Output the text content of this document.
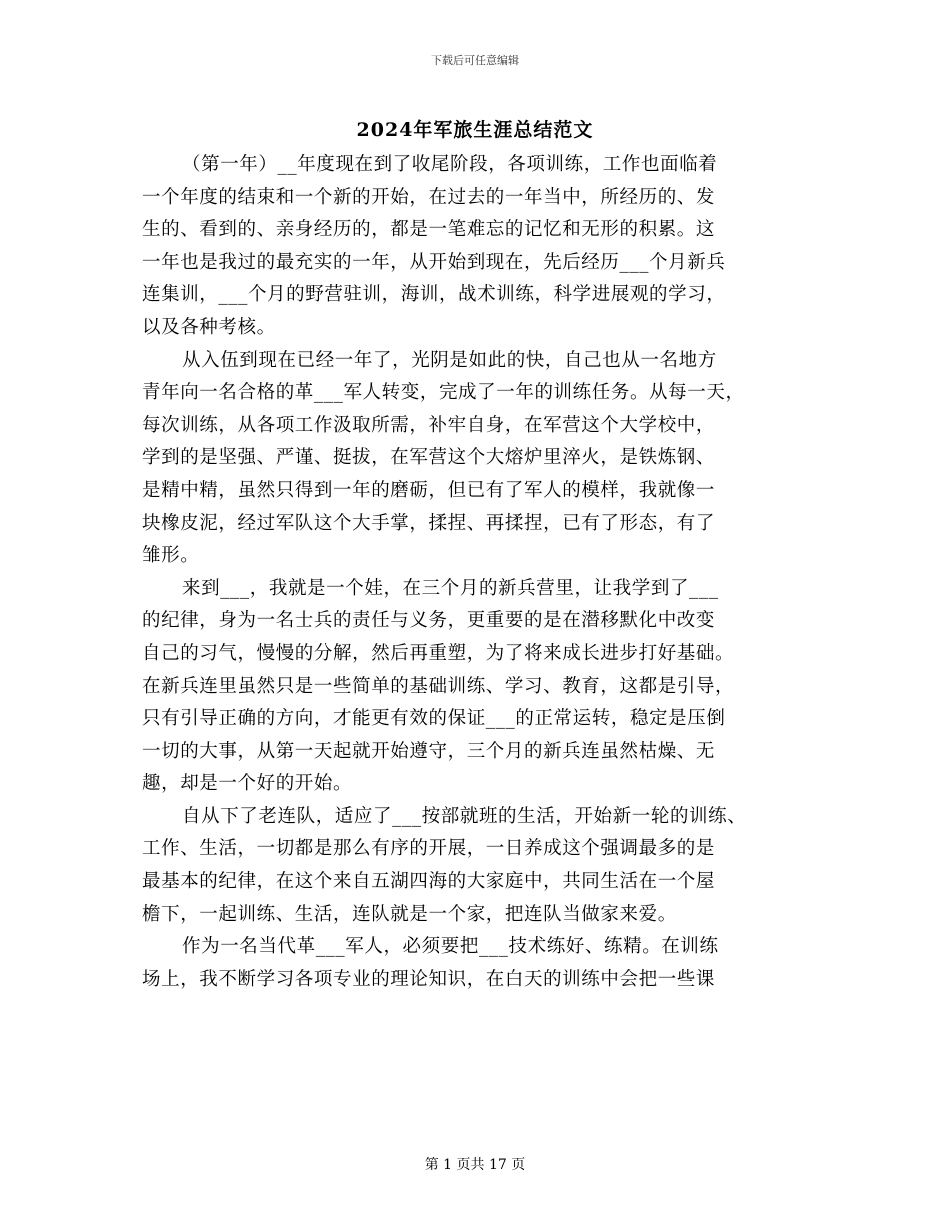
下载后可任意编辑
2024年军旅生涯总结范文
（第一年）__年度现在到了收尾阶段，各项训练，工作也面临着
一个年度的结束和一个新的开始，在过去的一年当中，所经历的、发
生的、看到的、亲身经历的，都是一笔难忘的记忆和无形的积累。这
一年也是我过的最充实的一年，从开始到现在，先后经历___个月新兵
连集训，___个月的野营驻训，海训，战术训练，科学进展观的学习，
以及各种考核。
从入伍到现在已经一年了，光阴是如此的快，自己也从一名地方
青年向一名合格的革___军人转变，完成了一年的训练任务。从每一天，
每次训练，从各项工作汲取所需，补牢自身，在军营这个大学校中，
学到的是坚强、严谨、挺拔，在军营这个大熔炉里淬火，是铁炼钢、
是精中精，虽然只得到一年的磨砺，但已有了军人的模样，我就像一
块橡皮泥，经过军队这个大手掌，揉捏、再揉捏，已有了形态，有了
雏形。
来到___，我就是一个娃，在三个月的新兵营里，让我学到了___
的纪律，身为一名士兵的责任与义务，更重要的是在潜移默化中改变
自己的习气，慢慢的分解，然后再重塑，为了将来成长进步打好基础。
在新兵连里虽然只是一些简单的基础训练、学习、教育，这都是引导，
只有引导正确的方向，才能更有效的保证___的正常运转，稳定是压倒
一切的大事，从第一天起就开始遵守，三个月的新兵连虽然枯燥、无
趣，却是一个好的开始。
自从下了老连队，适应了___按部就班的生活，开始新一轮的训练、
工作、生活，一切都是那么有序的开展，一日养成这个强调最多的是
最基本的纪律，在这个来自五湖四海的大家庭中，共同生活在一个屋
檐下，一起训练、生活，连队就是一个家，把连队当做家来爱。
作为一名当代革___军人，必须要把___技术练好、练精。在训练
场上，我不断学习各项专业的理论知识，在白天的训练中会把一些课
第 1 页共 17 页
